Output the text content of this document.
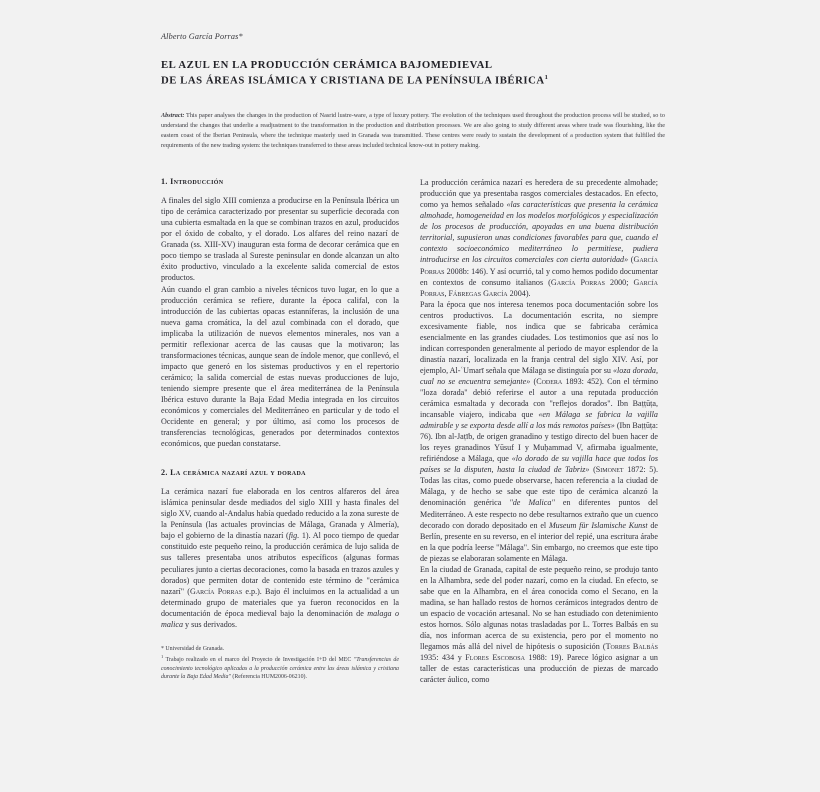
Alberto García Porras*
EL AZUL EN LA PRODUCCIÓN CERÁMICA BAJOMEDIEVAL
DE LAS ÁREAS ISLÁMICA Y CRISTIANA DE LA PENÍNSULA IBÉRICA$^1$
Abstract: This paper analyses the changes in the production of Nasrid lustre-ware, a type of luxury pottery. The evolution of the techniques used throughout the production process will be studied, so to understand the changes that underlie a readjustment to the transformation in the production and distribution processes. We are also going to study different areas where trade was flourishing, like the eastern coast of the Iberian Peninsula, where the technique masterly used in Granada was transmitted. These centres were ready to sustain the development of a production system that fulfilled the requirements of the new trading system: the techniques transferred to these areas included technical know-out in pottery making.
1. Introducción

A finales del siglo XIII comienza a producirse en la Península Ibérica un tipo de cerámica caracterizado por presentar su superficie decorada con una cubierta esmaltada en la que se combinan trazos en azul, producidos por el óxido de cobalto, y el dorado. Los alfares del reino nazarí de Granada (ss. XIII-XV) inauguran esta forma de decorar cerámica que en poco tiempo se traslada al Sureste peninsular en donde alcanzan un alto éxito productivo, vinculado a la excelente salida comercial de estos productos.

Aún cuando el gran cambio a niveles técnicos tuvo lugar, en lo que a producción cerámica se refiere, durante la época califal, con la introducción de las cubiertas opacas estanníferas, la inclusión de una nueva gama cromática, la del azul combinada con el dorado, que implicaba la utilización de nuevos elementos minerales, nos van a permitir reflexionar acerca de las causas que la motivaron; las transformaciones técnicas, aunque sean de índole menor, que conllevó, el impacto que generó en los sistemas productivos y en el repertorio cerámico; la salida comercial de estas nuevas producciones de lujo, teniendo siempre presente que el área mediterránea de la Península Ibérica estuvo durante la Baja Edad Media integrada en los circuitos económicos y comerciales del Mediterráneo en particular y de todo el Occidente en general; y por último, así como los procesos de transferencias tecnológicas, generados por determinados contextos económicos, que puedan constatarse.

2. La cerámica nazarí azul y dorada

La cerámica nazarí fue elaborada en los centros alfareros del área islámica peninsular desde mediados del siglo XIII y hasta finales del siglo XV, cuando al-Andalus había quedado reducido a la zona sureste de la Península (las actuales provincias de Málaga, Granada y Almería), bajo el gobierno de la dinastía nazarí (fig. 1). Al poco tiempo de quedar constituido este pequeño reino, la producción cerámica de lujo salida de sus talleres presentaba unos atributos específicos (algunas formas peculiares junto a ciertas decoraciones, como la basada en trazos azules y dorados) que permiten dotar de contenido este término de "cerámica nazarí" (García Porras e.p.). Bajo él incluimos en la actualidad a un determinado grupo de materiales que ya fueron reconocidos en la documentación de época medieval bajo la denominación de malaga o malica y sus derivados.

* Universidad de Granada.

$^1$ Trabajo realizado en el marco del Proyecto de Investigación I+D del MEC "Transferencias de conocimiento tecnológico aplicadas a la producción cerámica entre las áreas islámica y cristiana durante la Baja Edad Media" (Referencia HUM2006-06210).

La producción cerámica nazarí es heredera de su precedente almohade; producción que ya presentaba rasgos comerciales destacados. En efecto, como ya hemos señalado «las características que presenta la cerámica almohade, homogeneidad en los modelos morfológicos y especialización de los procesos de producción, apoyadas en una buena distribución territorial, supusieron unas condiciones favorables para que, cuando el contexto socioeconómico mediterráneo lo permitiese, pudiera introducirse en los circuitos comerciales con cierta autoridad» (García Porras 2008b: 146). Y así ocurrió, tal y como hemos podido documentar en contextos de consumo italianos (García Porras 2000; García Porras, Fábregas García 2004).

Para la época que nos interesa tenemos poca documentación sobre los centros productivos. La documentación escrita, no siempre excesivamente fiable, nos indica que se fabricaba cerámica esencialmente en las grandes ciudades. Los testimonios que así nos lo indican corresponden generalmente al periodo de mayor esplendor de la dinastía nazarí, localizada en la franja central del siglo XIV. Así, por ejemplo, Al-ʿUmarī señala que Málaga se distinguía por su «loza dorada, cual no se encuentra semejante» (Codera 1893: 452). Con el término "loza dorada" debió referirse el autor a una reputada producción cerámica esmaltada y decorada con "reflejos dorados". Ibn Baṭṭūṭa, incansable viajero, indicaba que «en Málaga se fabrica la vajilla admirable y se exporta desde allí a los más remotos países» (Ibn Baṭṭūṭa: 76). Ibn al-Jaṭīb, de origen granadino y testigo directo del buen hacer de los reyes granadinos Yūsuf I y Muḥammad V, afirmaba igualmente, refiriéndose a Málaga, que «lo dorado de su vajilla hace que todos los países se la disputen, hasta la ciudad de Tabriz» (Simonet 1872: 5). Todas las citas, como puede observarse, hacen referencia a la ciudad de Málaga, y de hecho se sabe que este tipo de cerámica alcanzó la denominación genérica "de Malica" en diferentes puntos del Mediterráneo. A este respecto no debe resultarnos extraño que un cuenco decorado con dorado depositado en el Museum für Islamische Kunst de Berlín, presente en su reverso, en el interior del repié, una escritura árabe en la que podría leerse "Málaga". Sin embargo, no creemos que este tipo de piezas se elaboraran solamente en Málaga.

En la ciudad de Granada, capital de este pequeño reino, se produjo tanto en la Alhambra, sede del poder nazarí, como en la ciudad. En efecto, se sabe que en la Alhambra, en el área conocida como el Secano, en la madina, se han hallado restos de hornos cerámicos integrados dentro de un espacio de vocación artesanal. No se han estudiado con detenimiento estos hornos. Sólo algunas notas trasladadas por L. Torres Balbás en su día, nos informan acerca de su existencia, pero por el momento no llegamos más allá del nivel de hipótesis o suposición (Torres Balbás 1935: 434 y Flores Escobosa 1988: 19). Parece lógico asignar a un taller de estas características una producción de piezas de marcado carácter áulico, como
